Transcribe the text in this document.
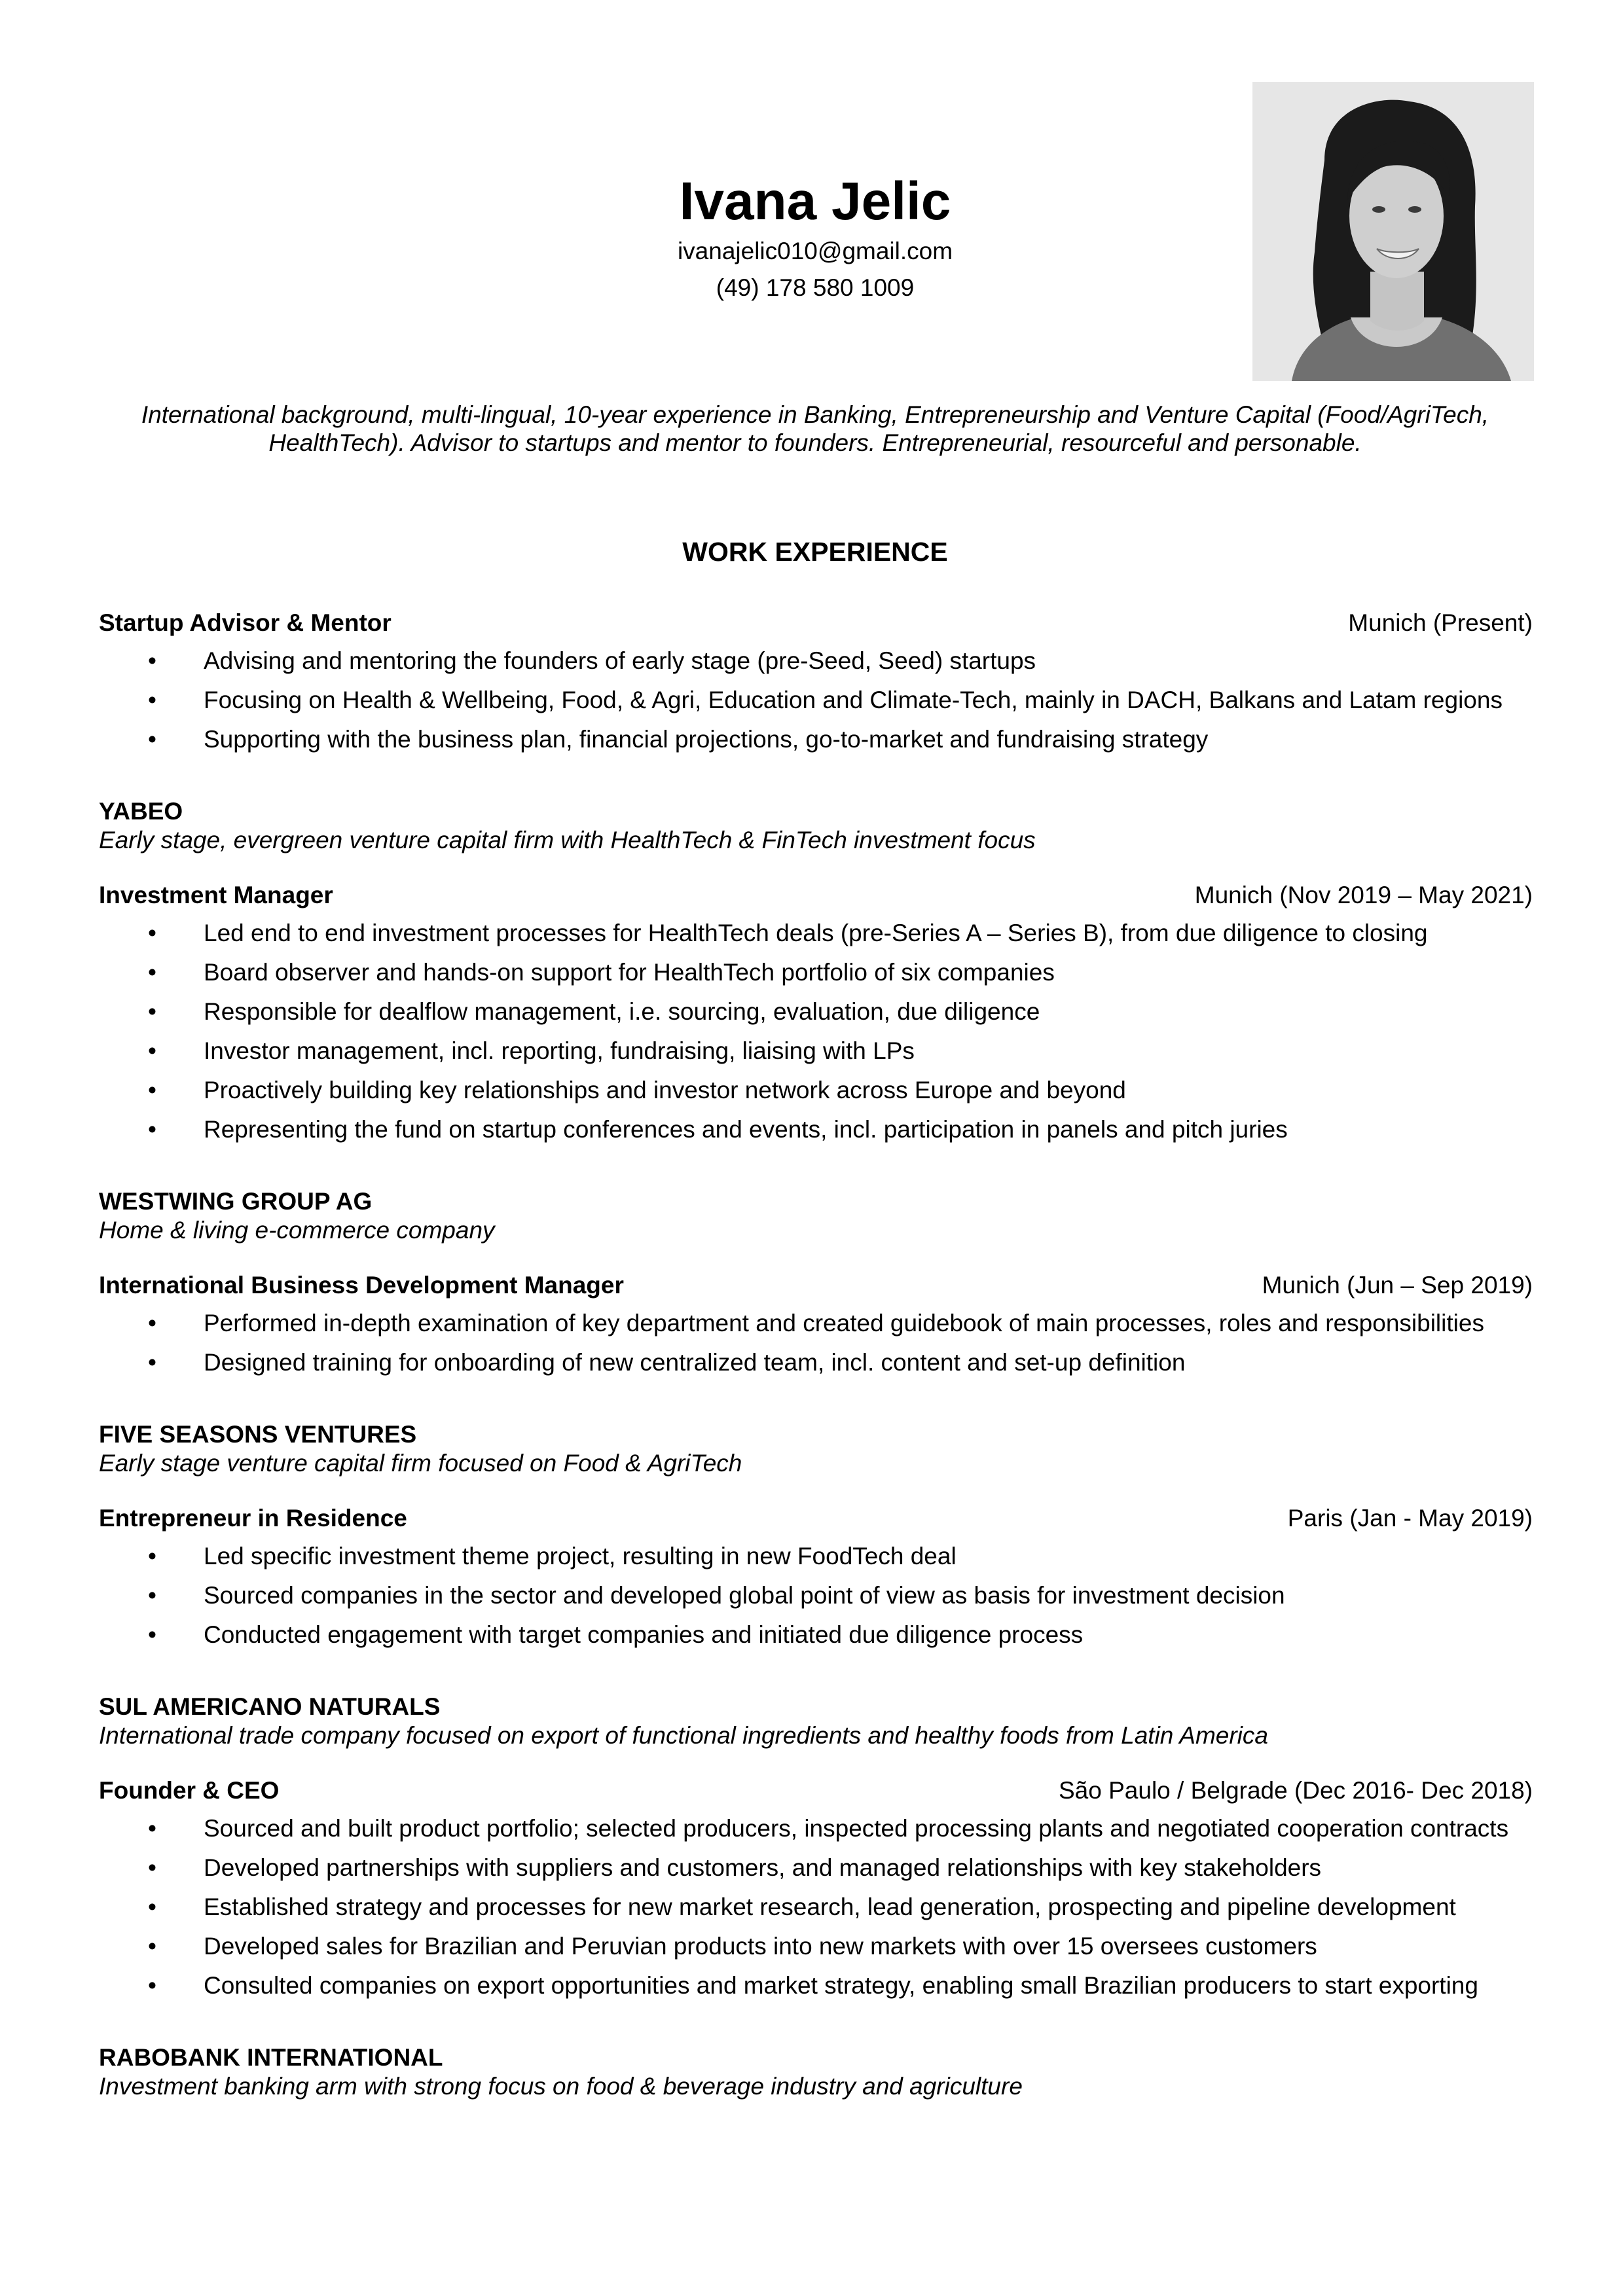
Ivana Jelic
ivanajelic010@gmail.com
(49) 178 580 1009
International background, multi-lingual, 10-year experience in Banking, Entrepreneurship and Venture Capital (Food/AgriTech, HealthTech). Advisor to startups and mentor to founders. Entrepreneurial, resourceful and personable.
WORK EXPERIENCE
Startup Advisor & Mentor	Munich (Present)
• Advising and mentoring the founders of early stage (pre-Seed, Seed) startups
• Focusing on Health & Wellbeing, Food, & Agri, Education and Climate-Tech, mainly in DACH, Balkans and Latam regions
• Supporting with the business plan, financial projections, go-to-market and fundraising strategy
YABEO
Early stage, evergreen venture capital firm with HealthTech & FinTech investment focus
Investment Manager	Munich (Nov 2019 – May 2021)
• Led end to end investment processes for HealthTech deals (pre-Series A – Series B), from due diligence to closing
• Board observer and hands-on support for HealthTech portfolio of six companies
• Responsible for dealflow management, i.e. sourcing, evaluation, due diligence
• Investor management, incl. reporting, fundraising, liaising with LPs
• Proactively building key relationships and investor network across Europe and beyond
• Representing the fund on startup conferences and events, incl. participation in panels and pitch juries
WESTWING GROUP AG
Home & living e-commerce company
International Business Development Manager	Munich (Jun – Sep 2019)
• Performed in-depth examination of key department and created guidebook of main processes, roles and responsibilities
• Designed training for onboarding of new centralized team, incl. content and set-up definition
FIVE SEASONS VENTURES
Early stage venture capital firm focused on Food & AgriTech
Entrepreneur in Residence	Paris (Jan - May 2019)
• Led specific investment theme project, resulting in new FoodTech deal
• Sourced companies in the sector and developed global point of view as basis for investment decision
• Conducted engagement with target companies and initiated due diligence process
SUL AMERICANO NATURALS
International trade company focused on export of functional ingredients and healthy foods from Latin America
Founder & CEO	São Paulo / Belgrade (Dec 2016- Dec 2018)
• Sourced and built product portfolio; selected producers, inspected processing plants and negotiated cooperation contracts
• Developed partnerships with suppliers and customers, and managed relationships with key stakeholders
• Established strategy and processes for new market research, lead generation, prospecting and pipeline development
• Developed sales for Brazilian and Peruvian products into new markets with over 15 oversees customers
• Consulted companies on export opportunities and market strategy, enabling small Brazilian producers to start exporting
RABOBANK INTERNATIONAL
Investment banking arm with strong focus on food & beverage industry and agriculture
